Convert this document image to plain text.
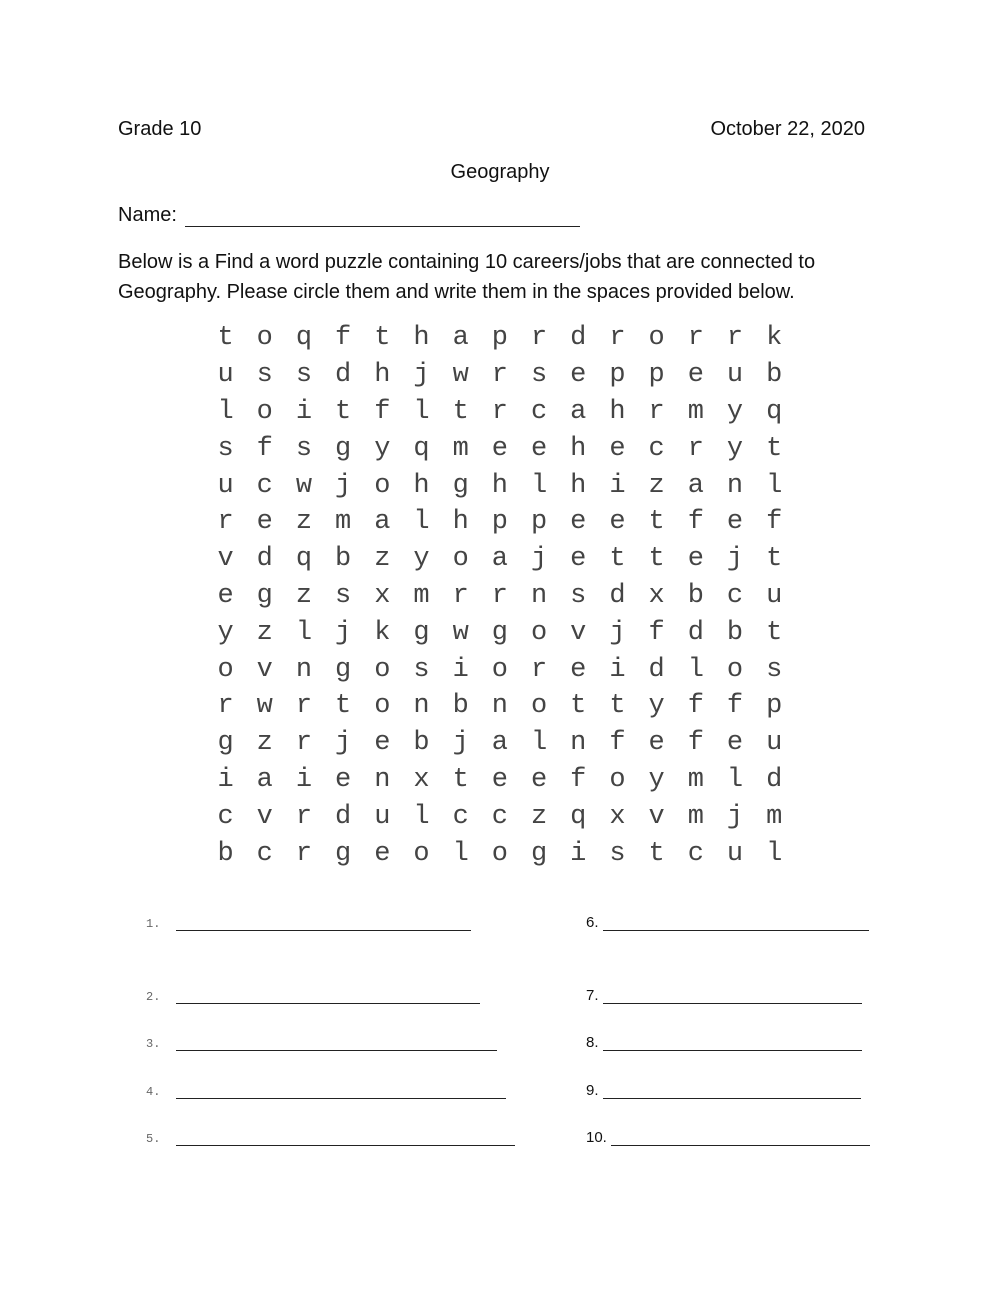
Grade 10	October 22, 2020
Geography
Name:
Below is a Find a word puzzle containing 10 careers/jobs that are connected to Geography. Please circle them and write them in the spaces provided below.
t o q f t h a p r d r o r r k
u s s d h j w r s e p p e u b
l o i t f l t r c a h r m y q
s f s g y q m e e h e c r y t
u c w j o h g h l h i z a n l
r e z m a l h p p e e t f e f
v d q b z y o a j e t t e j t
e g z s x m r r n s d x b c u
y z l j k g w g o v j f d b t
o v n g o s i o r e i d l o s
r w r t o n b n o t t y f f p
g z r j e b j a l n f e f e u
i a i e n x t e e f o y m l d
c v r d u l c c z q x v m j m
b c r g e o l o g i s t c u l
1.
2.
3.
4.
5.
6.
7.
8.
9.
10.
